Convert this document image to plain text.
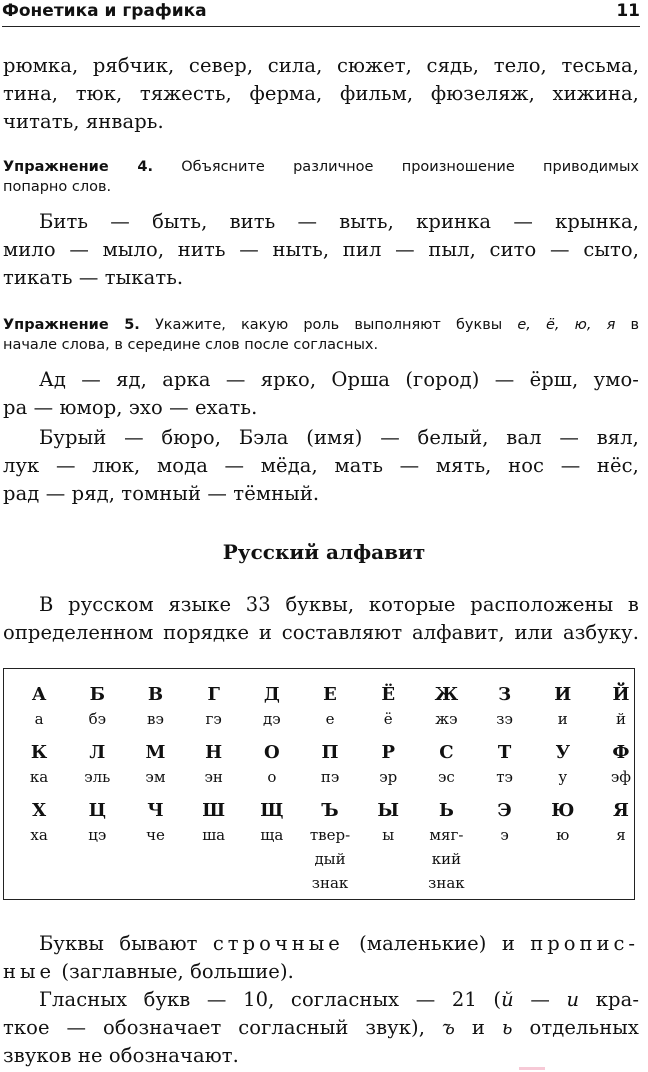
Фонетика и графика	11
рюмка, рябчик, север, сила, сюжет, сядь, тело, тесьма,
тина, тюк, тяжесть, ферма, фильм, фюзеляж, хижина,
читать, январь.
Упражнение 4. Объясните различное произношение приводимых
попарно слов.
Бить — быть, вить — выть, кринка — крынка,
мило — мыло, нить — ныть, пил — пыл, сито — сыто,
тикать — тыкать.
Упражнение 5. Укажите, какую роль выполняют буквы е, ё, ю, я в
начале слова, в середине слов после согласных.
Ад — яд, арка — ярко, Орша (город) — ёрш, умо-
ра — юмор, эхо — ехать.
Бурый — бюро, Бэла (имя) — белый, вал — вял,
лук — люк, мода — мёда, мать — мять, нос — нёс,
рад — ряд, томный — тёмный.
Русский алфавит
В русском языке 33 буквы, которые расположены в
определенном порядке и составляют алфавит, или азбуку.
А
а
Б
бэ
В
вэ
Г
гэ
Д
дэ
Е
е
Ё
ё
Ж
жэ
З
зэ
И
и
Й
й
К
ка
Л
эль
М
эм
Н
эн
О
о
П
пэ
Р
эр
С
эс
Т
тэ
У
у
Ф
эф
Х
ха
Ц
цэ
Ч
че
Ш
ша
Щ
ща
Ъ
твер-
дый
знак
Ы
ы
Ь
мяг-
кий
знак
Э
э
Ю
ю
Я
я
Буквы бывают строчные (маленькие) и пропис-
ные (заглавные, большие).
Гласных букв — 10, согласных — 21 (й — и кра-
ткое — обозначает согласный звук), ъ и ь отдельных
звуков не обозначают.
